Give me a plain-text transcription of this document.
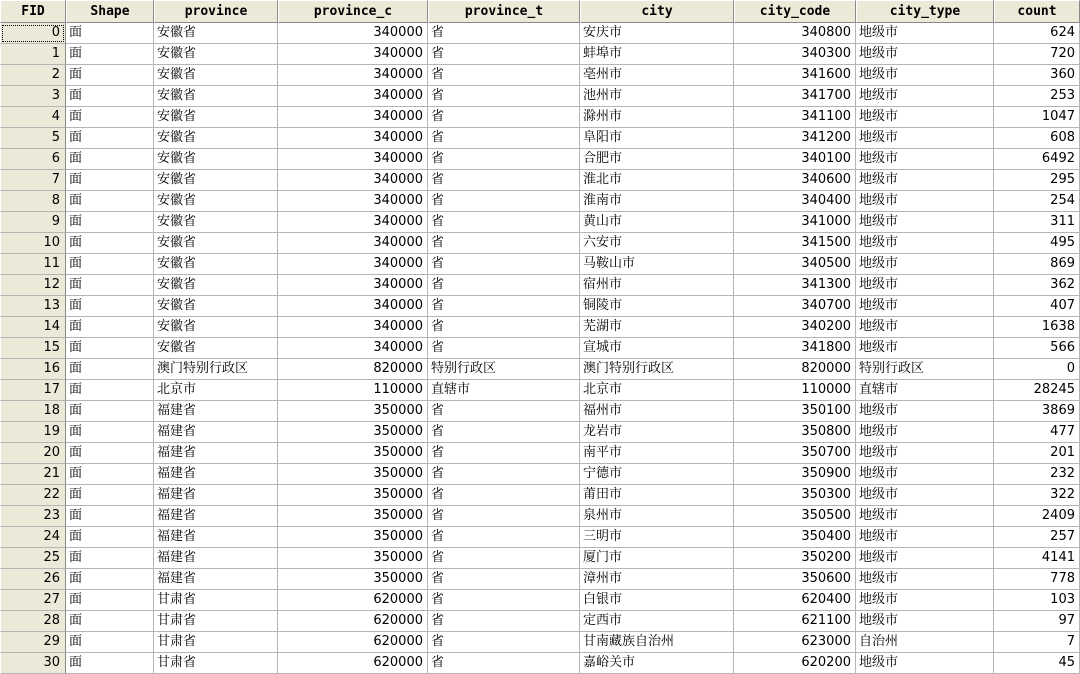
FID	Shape	province	province_c	province_t	city	city_code	city_type	count
0	面	安徽省	340000	省	安庆市	340800	地级市	624
1	面	安徽省	340000	省	蚌埠市	340300	地级市	720
2	面	安徽省	340000	省	亳州市	341600	地级市	360
3	面	安徽省	340000	省	池州市	341700	地级市	253
4	面	安徽省	340000	省	滁州市	341100	地级市	1047
5	面	安徽省	340000	省	阜阳市	341200	地级市	608
6	面	安徽省	340000	省	合肥市	340100	地级市	6492
7	面	安徽省	340000	省	淮北市	340600	地级市	295
8	面	安徽省	340000	省	淮南市	340400	地级市	254
9	面	安徽省	340000	省	黄山市	341000	地级市	311
10	面	安徽省	340000	省	六安市	341500	地级市	495
11	面	安徽省	340000	省	马鞍山市	340500	地级市	869
12	面	安徽省	340000	省	宿州市	341300	地级市	362
13	面	安徽省	340000	省	铜陵市	340700	地级市	407
14	面	安徽省	340000	省	芜湖市	340200	地级市	1638
15	面	安徽省	340000	省	宣城市	341800	地级市	566
16	面	澳门特别行政区	820000	特别行政区	澳门特别行政区	820000	特别行政区	0
17	面	北京市	110000	直辖市	北京市	110000	直辖市	28245
18	面	福建省	350000	省	福州市	350100	地级市	3869
19	面	福建省	350000	省	龙岩市	350800	地级市	477
20	面	福建省	350000	省	南平市	350700	地级市	201
21	面	福建省	350000	省	宁德市	350900	地级市	232
22	面	福建省	350000	省	莆田市	350300	地级市	322
23	面	福建省	350000	省	泉州市	350500	地级市	2409
24	面	福建省	350000	省	三明市	350400	地级市	257
25	面	福建省	350000	省	厦门市	350200	地级市	4141
26	面	福建省	350000	省	漳州市	350600	地级市	778
27	面	甘肃省	620000	省	白银市	620400	地级市	103
28	面	甘肃省	620000	省	定西市	621100	地级市	97
29	面	甘肃省	620000	省	甘南藏族自治州	623000	自治州	7
30	面	甘肃省	620000	省	嘉峪关市	620200	地级市	45
